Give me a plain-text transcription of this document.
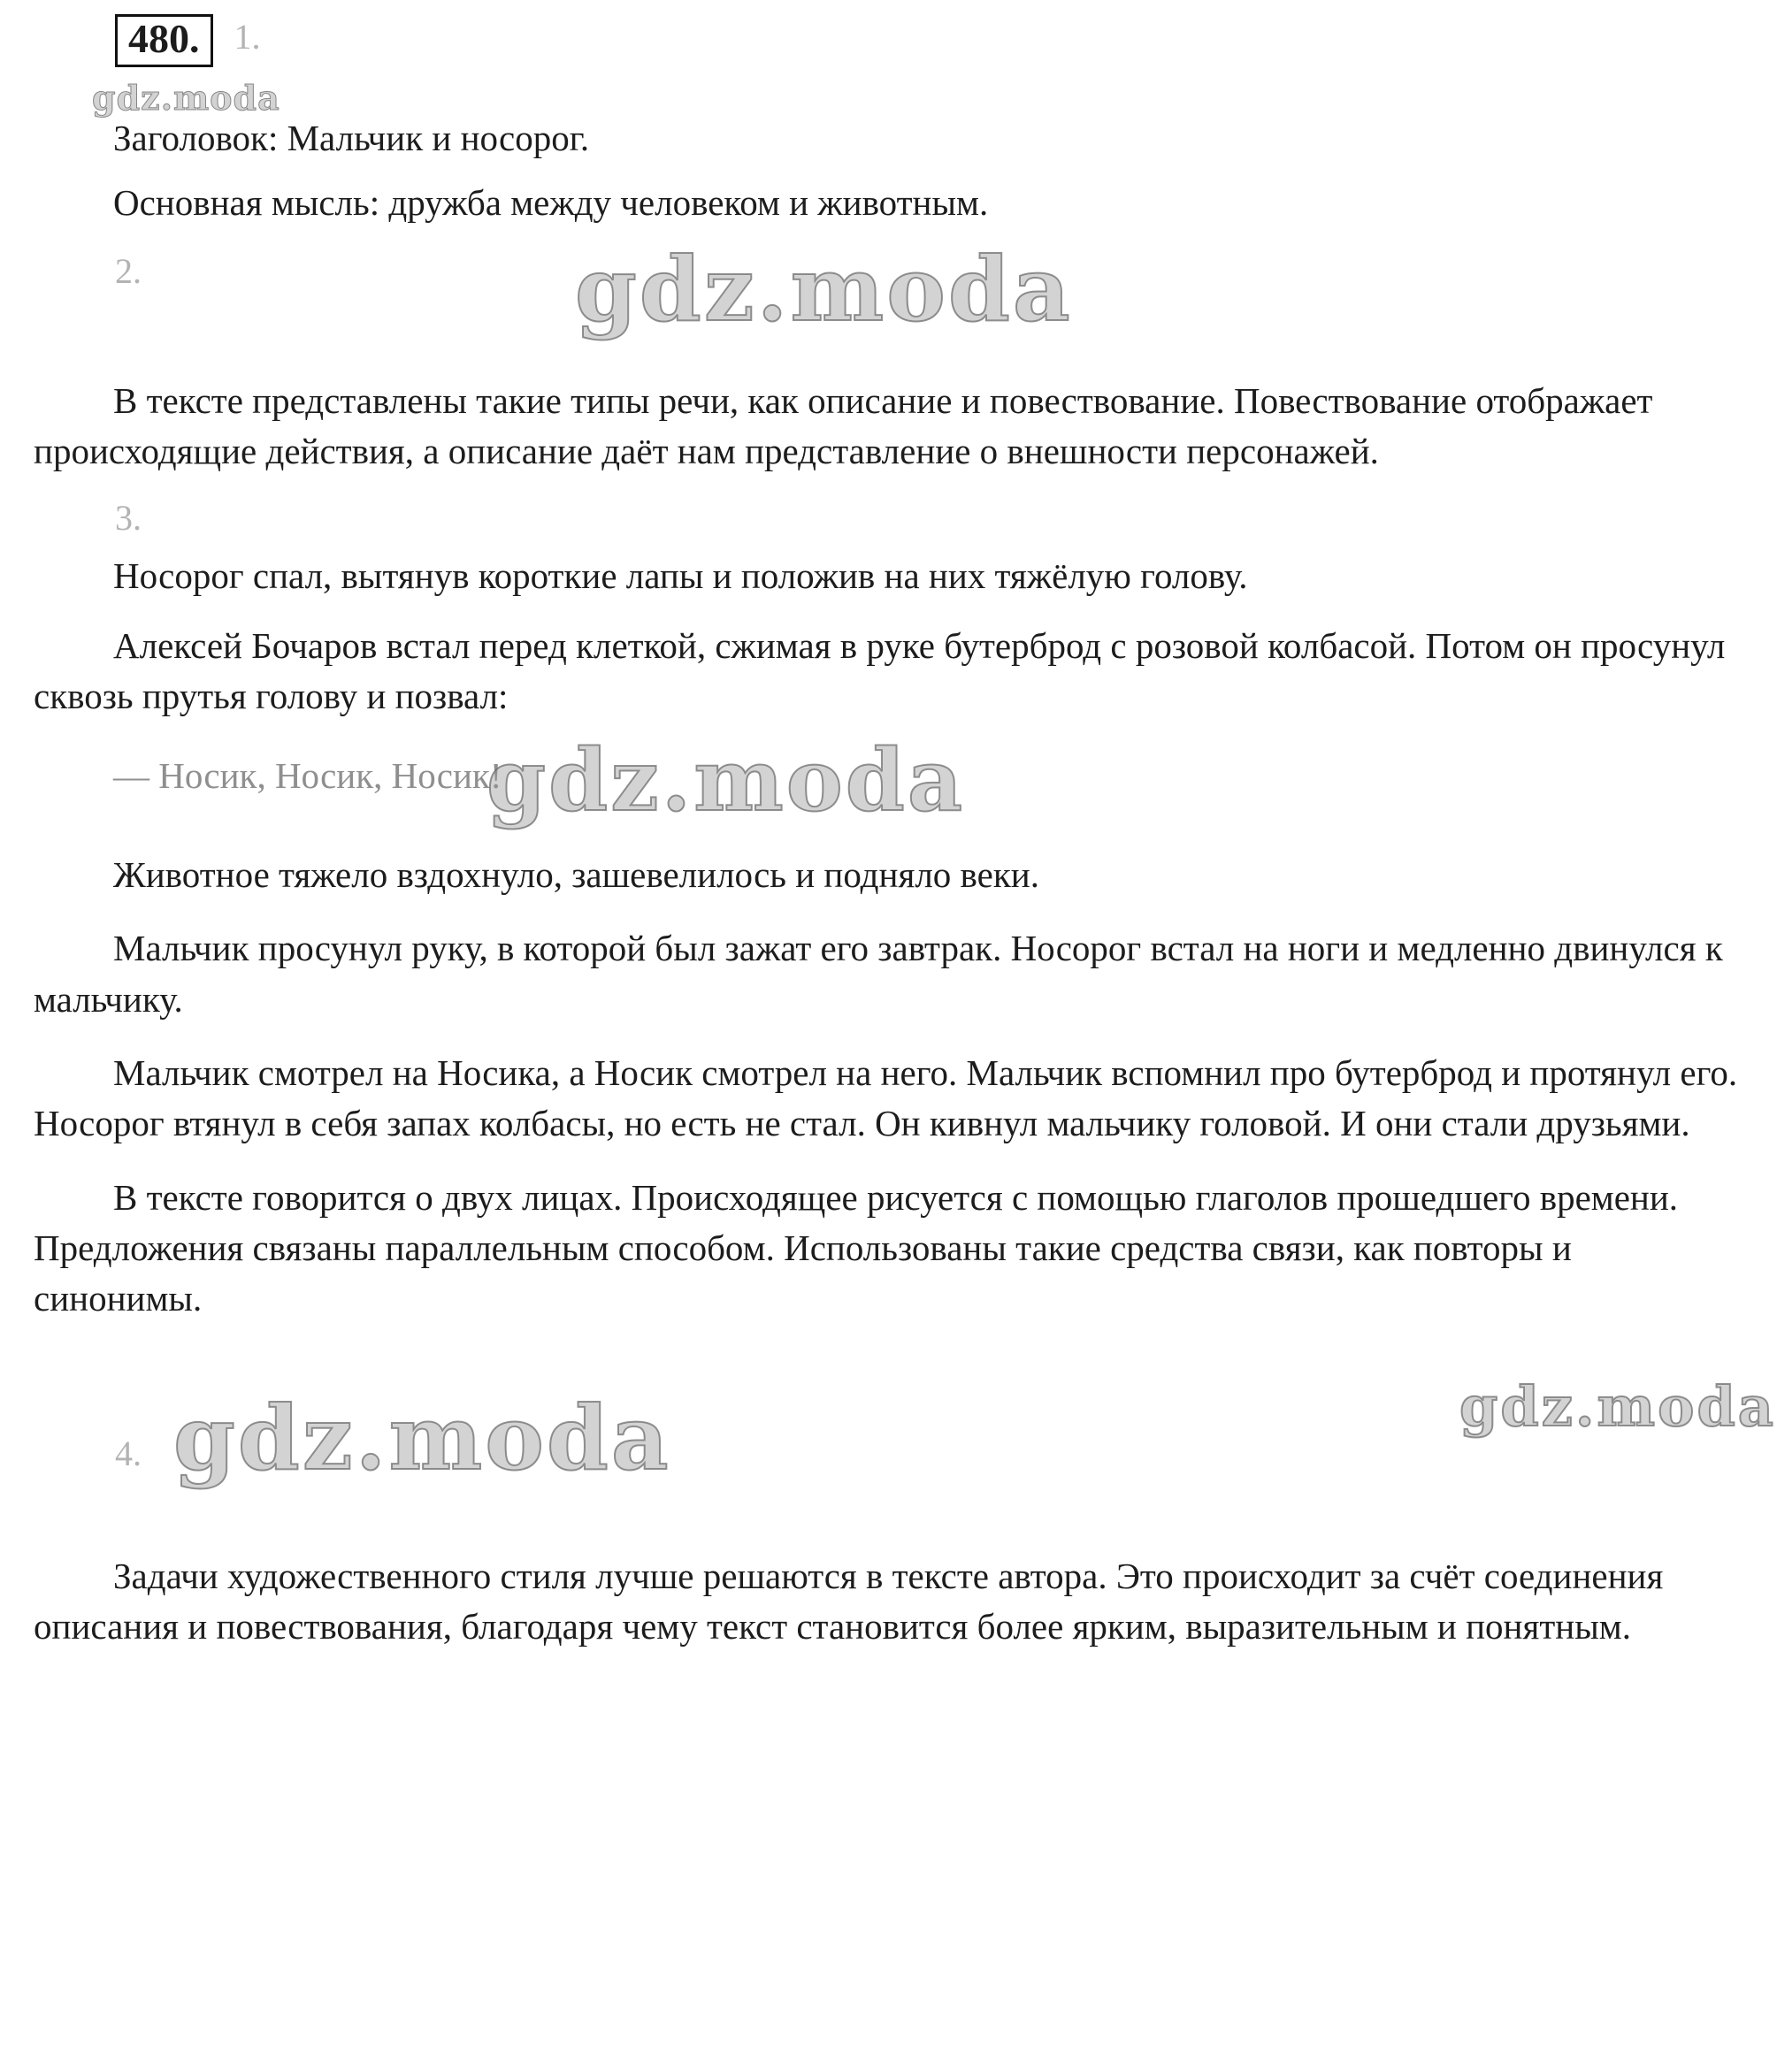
480. 1.
gdz.moda

Заголовок: Мальчик и носорог.

Основная мысль: дружба между человеком и животным.

2.	gdz.moda

В тексте представлены такие типы речи, как описание и повествование. Повествование отображает происходящие действия, а описание даёт нам представление о внешности персонажей.

3.

Носорог спал, вытянув короткие лапы и положив на них тяжёлую голову.

Алексей Бочаров встал перед клеткой, сжимая в руке бутерброд с розовой колбасой. Потом он просунул сквозь прутья голову и позвал:

— Носик, Носик, Носик!
gdz.moda

Животное тяжело вздохнуло, зашевелилось и подняло веки.

Мальчик просунул руку, в которой был зажат его завтрак. Носорог встал на ноги и медленно двинулся к мальчику.

Мальчик смотрел на Носика, а Носик смотрел на него. Мальчик вспомнил про бутерброд и протянул его. Носорог втянул в себя запах колбасы, но есть не стал. Он кивнул мальчику головой. И они стали друзьями.

В тексте говорится о двух лицах. Происходящее рисуется с помощью глаголов прошедшего времени. Предложения связаны параллельным способом. Использованы такие средства связи, как повторы и синонимы.

4. gdz.moda	gdz.moda

Задачи художественного стиля лучше решаются в тексте автора. Это происходит за счёт соединения описания и повествования, благодаря чему текст становится более ярким, выразительным и понятным.
